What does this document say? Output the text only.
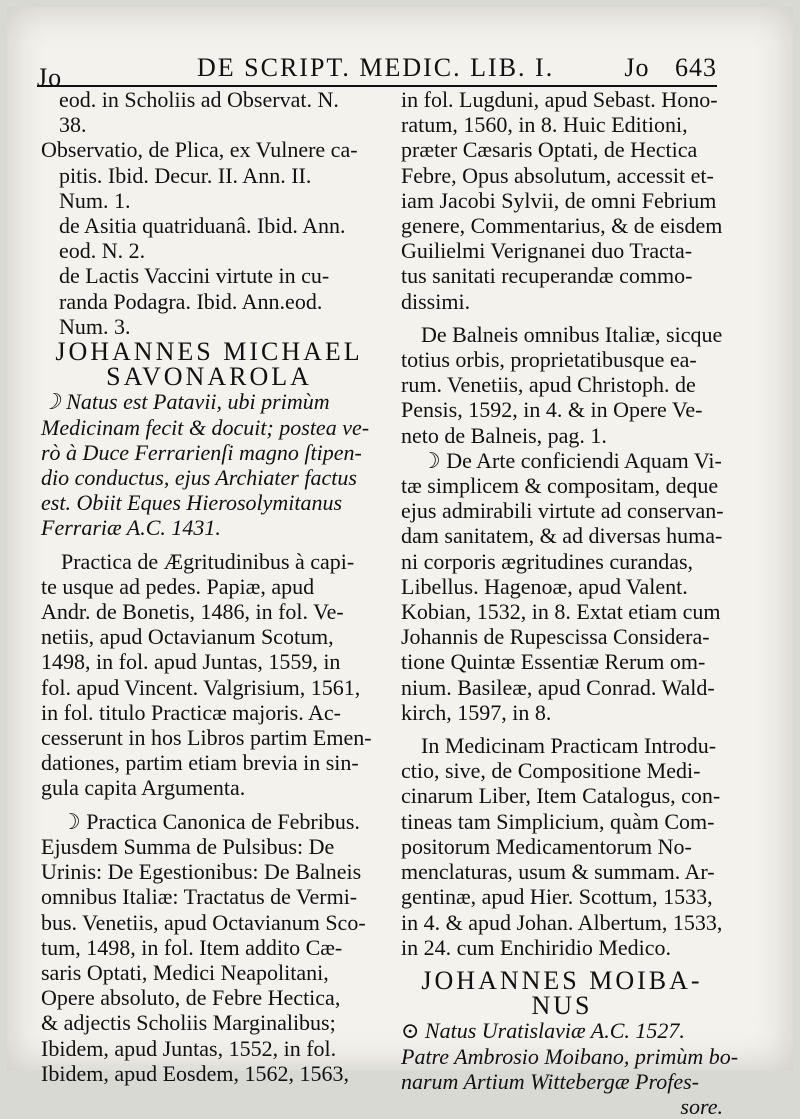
Jo	DE SCRIPT. MEDIC. LIB. I.	Jo 643
eod. in Scholiis ad Observat. N.
38.
Observatio, de Plica, ex Vulnere ca-
pitis. Ibid. Decur. II. Ann. II.
Num. 1.
de Asitia quatriduanâ. Ibid. Ann.
eod. N. 2.
de Lactis Vaccini virtute in cu-
randa Podagra. Ibid. Ann.eod.
Num. 3.
JOHANNES MICHAEL
SAVONAROLA
☽ Natus est Patavii, ubi primùm
Medicinam fecit & docuit; postea ve-
rò à Duce Ferrarienſi magno ſtipen-
dio conductus, ejus Archiater factus
est. Obiit Eques Hierosolymitanus
Ferrariæ A.C. 1431.
Practica de Ægritudinibus à capi-
te usque ad pedes. Papiæ, apud
Andr. de Bonetis, 1486, in fol. Ve-
netiis, apud Octavianum Scotum,
1498, in fol. apud Juntas, 1559, in
fol. apud Vincent. Valgrisium, 1561,
in fol. titulo Practicæ majoris. Ac-
cesserunt in hos Libros partim Emen-
dationes, partim etiam brevia in sin-
gula capita Argumenta.
☽ Practica Canonica de Febribus.
Ejusdem Summa de Pulsibus: De
Urinis: De Egestionibus: De Balneis
omnibus Italiæ: Tractatus de Vermi-
bus. Venetiis, apud Octavianum Sco-
tum, 1498, in fol. Item addito Cæ-
saris Optati, Medici Neapolitani,
Opere absoluto, de Febre Hectica,
& adjectis Scholiis Marginalibus;
Ibidem, apud Juntas, 1552, in fol.
Ibidem, apud Eosdem, 1562, 1563,
in fol. Lugduni, apud Sebast. Hono-
ratum, 1560, in 8. Huic Editioni,
præter Cæsaris Optati, de Hectica
Febre, Opus absolutum, accessit et-
iam Jacobi Sylvii, de omni Febrium
genere, Commentarius, & de eisdem
Guilielmi Verignanei duo Tracta-
tus sanitati recuperandæ commo-
dissimi.
De Balneis omnibus Italiæ, sicque
totius orbis, proprietatibusque ea-
rum. Venetiis, apud Christoph. de
Pensis, 1592, in 4. & in Opere Ve-
neto de Balneis, pag. 1.
☽ De Arte conficiendi Aquam Vi-
tæ simplicem & compositam, deque
ejus admirabili virtute ad conservan-
dam sanitatem, & ad diversas huma-
ni corporis ægritudines curandas,
Libellus. Hagenoæ, apud Valent.
Kobian, 1532, in 8. Extat etiam cum
Johannis de Rupescissa Considera-
tione Quintæ Essentiæ Rerum om-
nium. Basileæ, apud Conrad. Wald-
kirch, 1597, in 8.
In Medicinam Practicam Introdu-
ctio, sive, de Compositione Medi-
cinarum Liber, Item Catalogus, con-
tineas tam Simplicium, quàm Com-
positorum Medicamentorum No-
menclaturas, usum & summam. Ar-
gentinæ, apud Hier. Scottum, 1533,
in 4. & apud Johan. Albertum, 1533,
in 24. cum Enchiridio Medico.
JOHANNES MOIBA-
NUS
⊙ Natus Uratislaviæ A.C. 1527.
Patre Ambrosio Moibano, primùm bo-
narum Artium Wittebergæ Profes-
sore.
